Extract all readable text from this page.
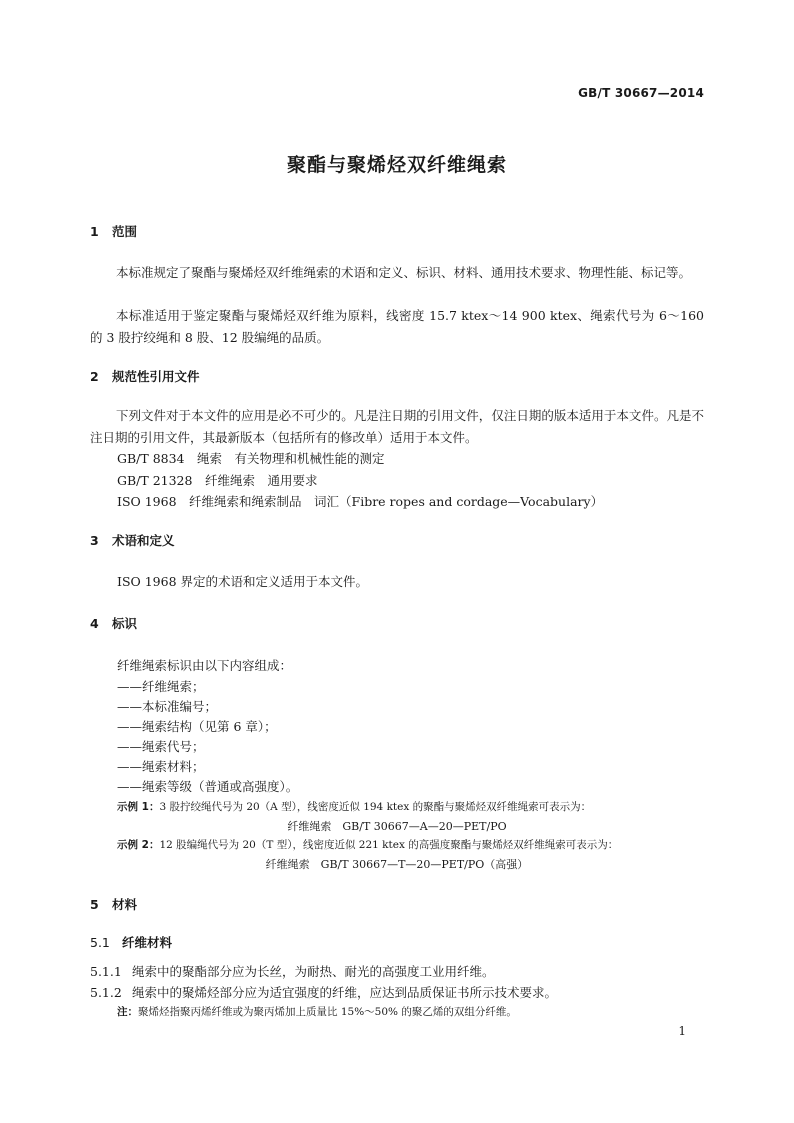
GB/T 30667—2014
聚酯与聚烯烃双纤维绳索
1 范围
本标准规定了聚酯与聚烯烃双纤维绳索的术语和定义、标识、材料、通用技术要求、物理性能、标记等。
本标准适用于鉴定聚酯与聚烯烃双纤维为原料，线密度 15.7 ktex～14 900 ktex、绳索代号为 6～160 的 3 股拧绞绳和 8 股、12 股编绳的品质。
2 规范性引用文件
下列文件对于本文件的应用是必不可少的。凡是注日期的引用文件，仅注日期的版本适用于本文件。凡是不注日期的引用文件，其最新版本（包括所有的修改单）适用于本文件。
GB/T 8834　绳索　有关物理和机械性能的测定
GB/T 21328　纤维绳索　通用要求
ISO 1968　纤维绳索和绳索制品　词汇（Fibre ropes and cordage—Vocabulary）
3 术语和定义
ISO 1968 界定的术语和定义适用于本文件。
4 标识
纤维绳索标识由以下内容组成：
——纤维绳索；
——本标准编号；
——绳索结构（见第 6 章）；
——绳索代号；
——绳索材料；
——绳索等级（普通或高强度）。
示例 1：3 股拧绞绳代号为 20（A 型），线密度近似 194 ktex 的聚酯与聚烯烃双纤维绳索可表示为：
纤维绳索　GB/T 30667—A—20—PET/PO
示例 2：12 股编绳代号为 20（T 型），线密度近似 221 ktex 的高强度聚酯与聚烯烃双纤维绳索可表示为：
纤维绳索　GB/T 30667—T—20—PET/PO（高强）
5 材料
5.1 纤维材料
5.1.1 绳索中的聚酯部分应为长丝，为耐热、耐光的高强度工业用纤维。
5.1.2 绳索中的聚烯烃部分应为适宜强度的纤维，应达到品质保证书所示技术要求。
注：聚烯烃指聚丙烯纤维或为聚丙烯加上质量比 15%～50% 的聚乙烯的双组分纤维。
1
